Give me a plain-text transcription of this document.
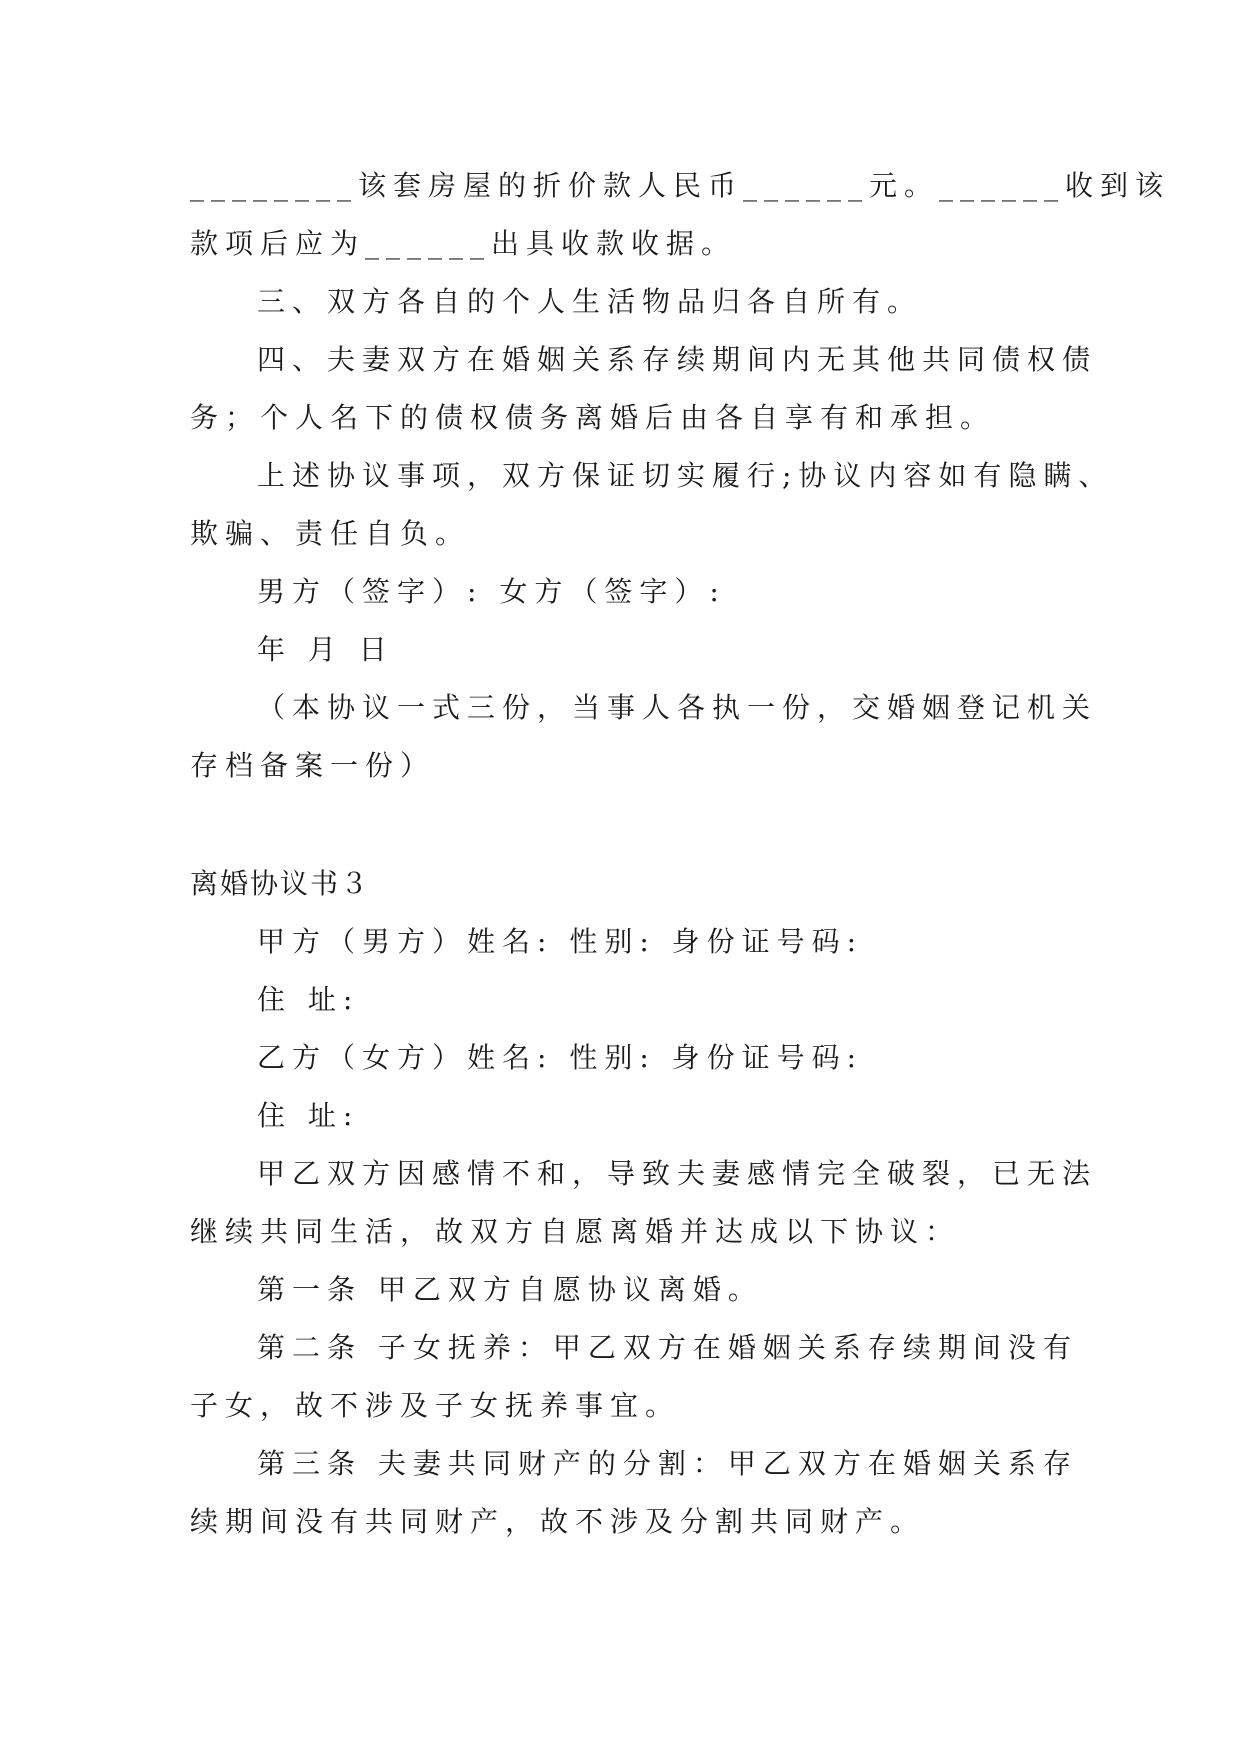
________该套房屋的折价款人民币______元。______收到该
款项后应为______出具收款收据。
三、双方各自的个人生活物品归各自所有。
四、夫妻双方在婚姻关系存续期间内无其他共同债权债
务；个人名下的债权债务离婚后由各自享有和承担。
上述协议事项，双方保证切实履行;协议内容如有隐瞒、
欺骗、责任自负。
男方（签字）: 女方（签字）:
年 月 日
（本协议一式三份，当事人各执一份，交婚姻登记机关
存档备案一份）
离婚协议书３
甲方（男方）姓名: 性别: 身份证号码:
住 址:
乙方（女方）姓名: 性别: 身份证号码:
住 址:
甲乙双方因感情不和，导致夫妻感情完全破裂，已无法
继续共同生活，故双方自愿离婚并达成以下协议：
第一条 甲乙双方自愿协议离婚。
第二条 子女抚养：甲乙双方在婚姻关系存续期间没有
子女，故不涉及子女抚养事宜。
第三条 夫妻共同财产的分割：甲乙双方在婚姻关系存
续期间没有共同财产，故不涉及分割共同财产。
